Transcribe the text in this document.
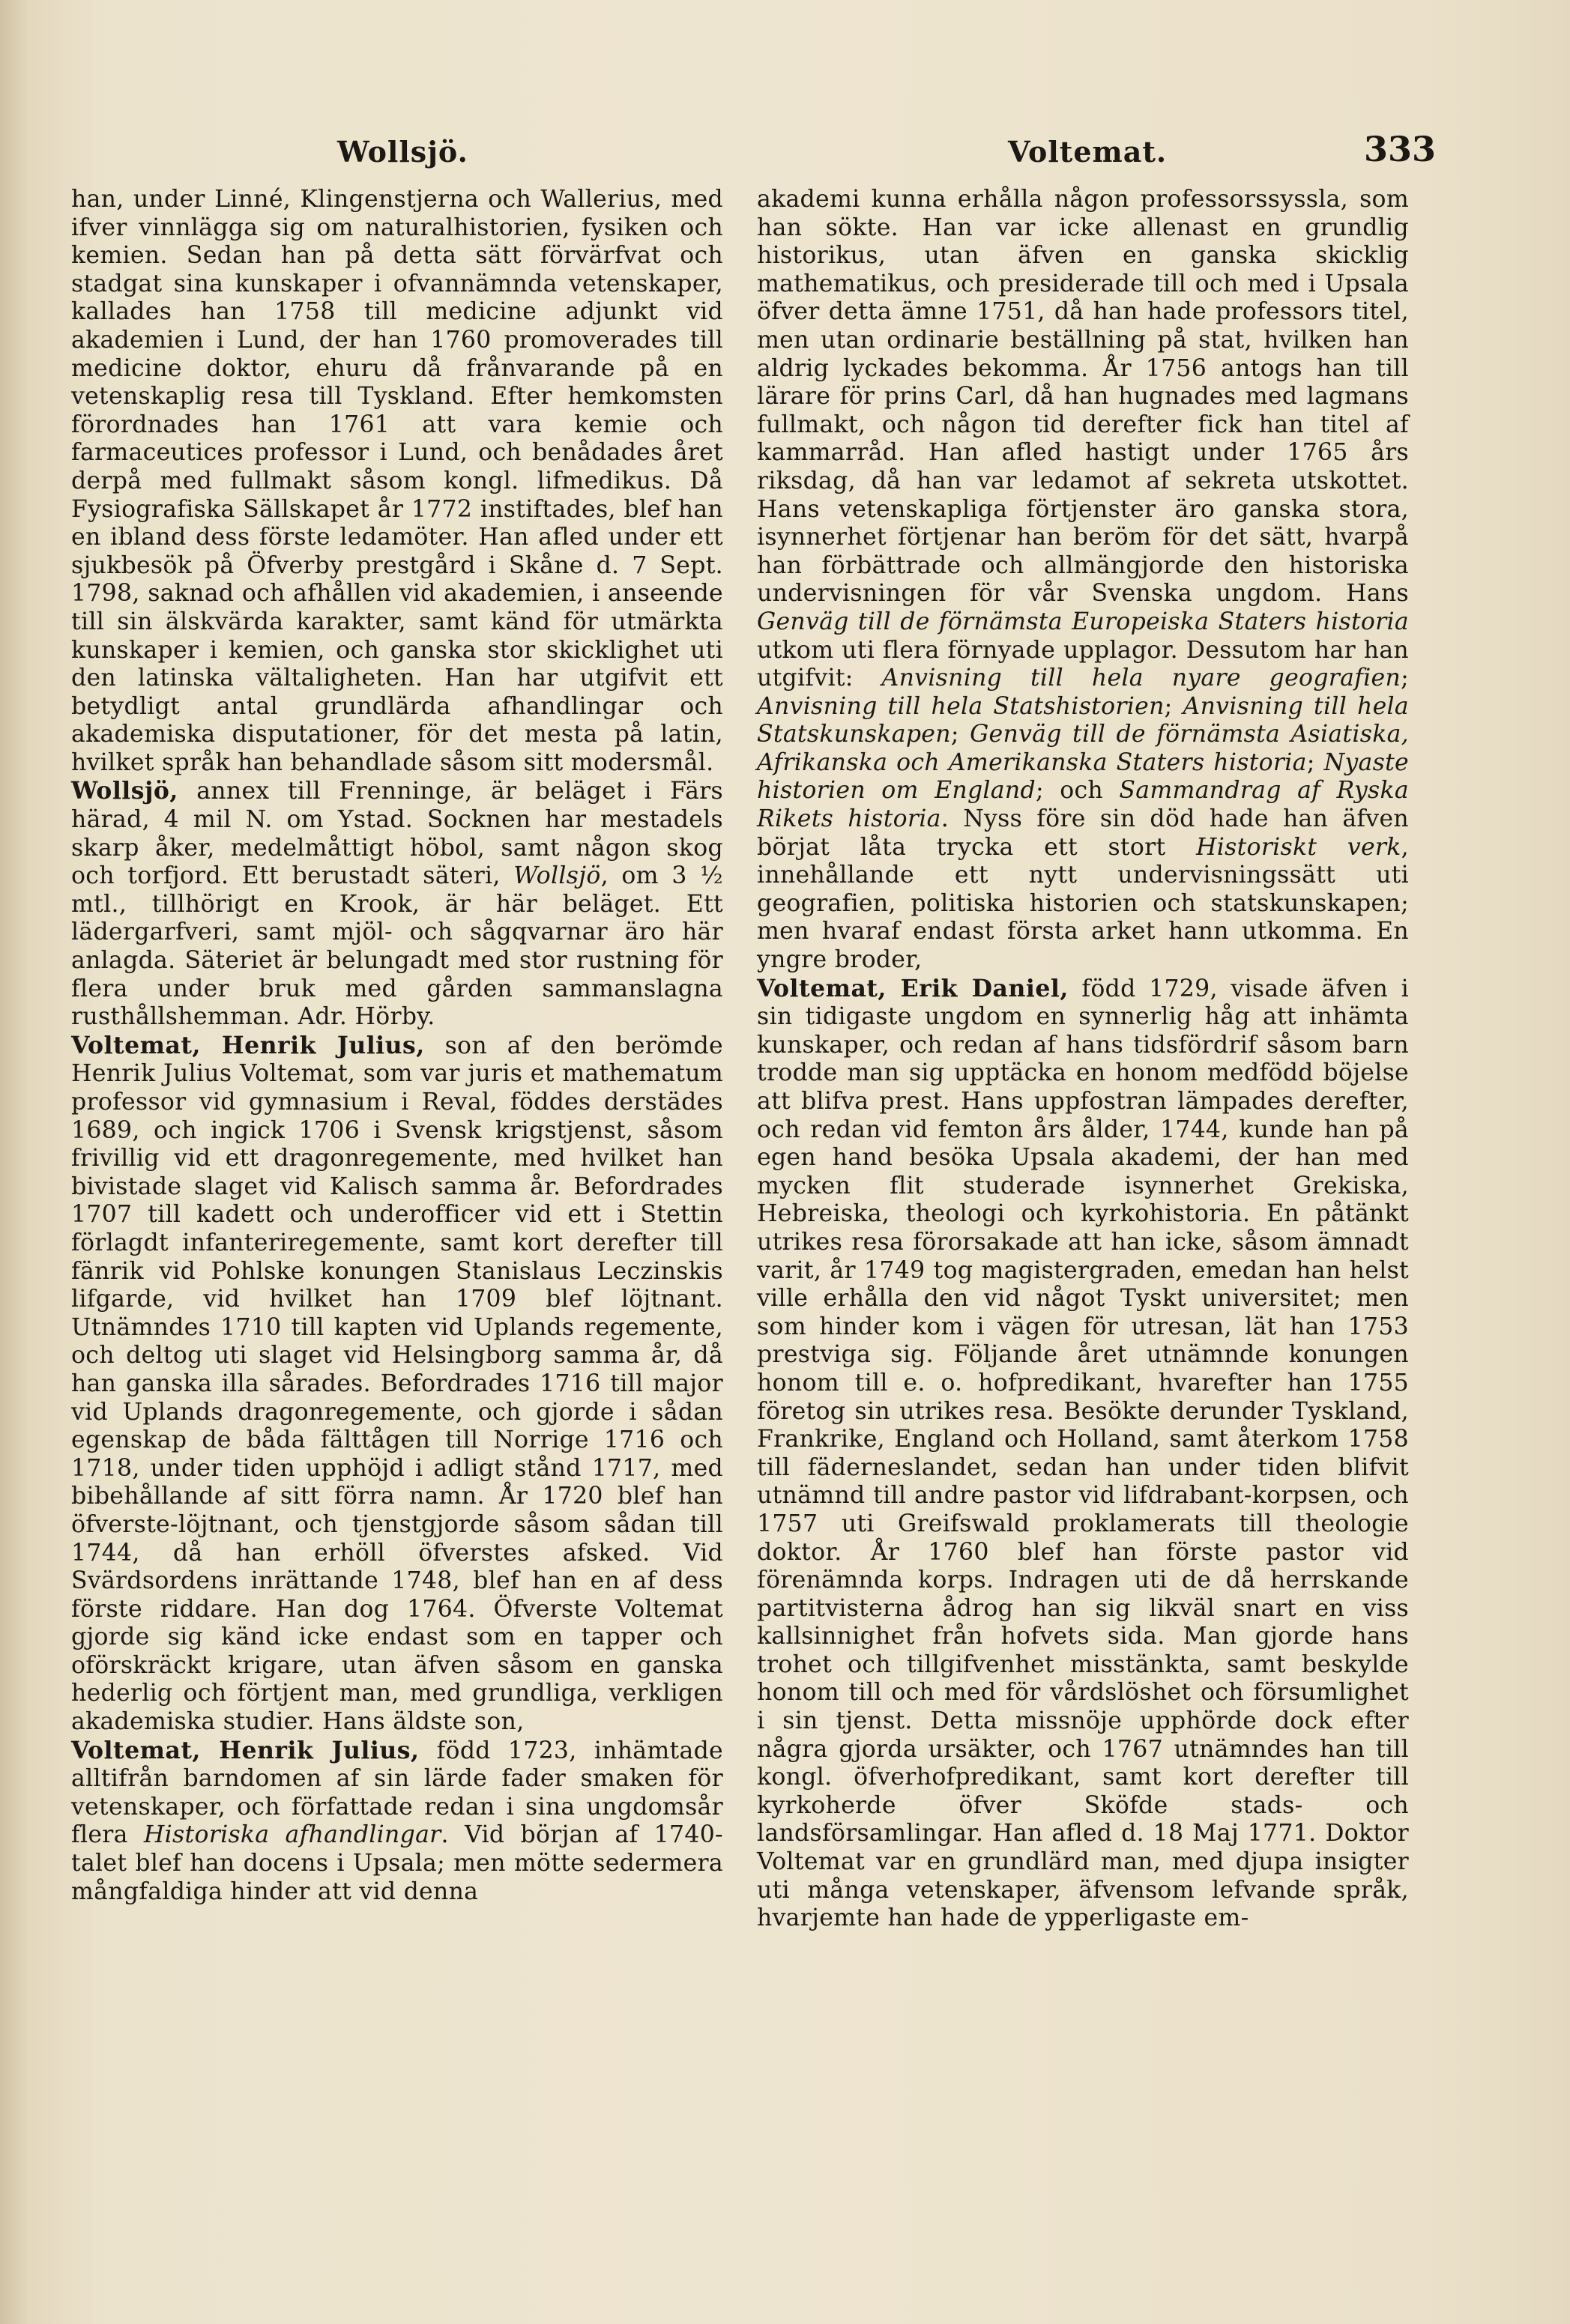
Wollsjö.	Voltemat.	333

han, under Linné, Klingenstjerna och Wallerius, med ifver vinnlägga sig om naturalhistorien, fysiken och kemien. Sedan han på detta sätt förvärfvat och stadgat sina kunskaper i ofvannämnda vetenskaper, kallades han 1758 till medicine adjunkt vid akademien i Lund, der han 1760 promoverades till medicine doktor, ehuru då frånvarande på en vetenskaplig resa till Tyskland. Efter hemkomsten förordnades han 1761 att vara kemie och farmaceutices professor i Lund, och benådades året derpå med fullmakt såsom kongl. lifmedikus. Då Fysiografiska Sällskapet år 1772 instiftades, blef han en ibland dess förste ledamöter. Han afled under ett sjukbesök på Öfverby prestgård i Skåne d. 7 Sept. 1798, saknad och afhållen vid akademien, i anseende till sin älskvärda karakter, samt känd för utmärkta kunskaper i kemien, och ganska stor skicklighet uti den latinska vältaligheten. Han har utgifvit ett betydligt antal grundlärda afhandlingar och akademiska disputationer, för det mesta på latin, hvilket språk han behandlade såsom sitt modersmål.

Wollsjö, annex till Frenninge, är beläget i Färs härad, 4 mil N. om Ystad. Socknen har mestadels skarp åker, medelmåttigt höbol, samt någon skog och torfjord. Ett berustadt säteri, Wollsjö, om 3 ½ mtl., tillhörigt en Krook, är här beläget. Ett lädergarfveri, samt mjöl- och sågqvarnar äro här anlagda. Säteriet är belungadt med stor rustning för flera under bruk med gården sammanslagna rusthållshemman. Adr. Hörby.

Voltemat, Henrik Julius, son af den berömde Henrik Julius Voltemat, som var juris et mathematum professor vid gymnasium i Reval, föddes derstädes 1689, och ingick 1706 i Svensk krigstjenst, såsom frivillig vid ett dragonregemente, med hvilket han bivistade slaget vid Kalisch samma år. Befordrades 1707 till kadett och underofficer vid ett i Stettin förlagdt infanteriregemente, samt kort derefter till fänrik vid Pohlske konungen Stanislaus Leczinskis lifgarde, vid hvilket han 1709 blef löjtnant. Utnämndes 1710 till kapten vid Uplands regemente, och deltog uti slaget vid Helsingborg samma år, då han ganska illa sårades. Befordrades 1716 till major vid Uplands dragonregemente, och gjorde i sådan egenskap de båda fälttågen till Norrige 1716 och 1718, under tiden upphöjd i adligt stånd 1717, med bibehållande af sitt förra namn. År 1720 blef han öfverste-löjtnant, och tjenstgjorde såsom sådan till 1744, då han erhöll öfverstes afsked. Vid Svärdsordens inrättande 1748, blef han en af dess förste riddare. Han dog 1764. Öfverste Voltemat gjorde sig känd icke endast som en tapper och oförskräckt krigare, utan äfven såsom en ganska hederlig och förtjent man, med grundliga, verkligen akademiska studier. Hans äldste son,

Voltemat, Henrik Julius, född 1723, inhämtade alltifrån barndomen af sin lärde fader smaken för vetenskaper, och författade redan i sina ungdomsår flera Historiska afhandlingar. Vid början af 1740-talet blef han docens i Upsala; men mötte sedermera mångfaldiga hinder att vid denna

akademi kunna erhålla någon professorssyssla, som han sökte. Han var icke allenast en grundlig historikus, utan äfven en ganska skicklig mathematikus, och presiderade till och med i Upsala öfver detta ämne 1751, då han hade professors titel, men utan ordinarie beställning på stat, hvilken han aldrig lyckades bekomma. År 1756 antogs han till lärare för prins Carl, då han hugnades med lagmans fullmakt, och någon tid derefter fick han titel af kammarråd. Han afled hastigt under 1765 års riksdag, då han var ledamot af sekreta utskottet. Hans vetenskapliga förtjenster äro ganska stora, isynnerhet förtjenar han beröm för det sätt, hvarpå han förbättrade och allmängjorde den historiska undervisningen för vår Svenska ungdom. Hans Genväg till de förnämsta Europeiska Staters historia utkom uti flera förnyade upplagor. Dessutom har han utgifvit: Anvisning till hela nyare geografien; Anvisning till hela Statshistorien; Anvisning till hela Statskunskapen; Genväg till de förnämsta Asiatiska, Afrikanska och Amerikanska Staters historia; Nyaste historien om England; och Sammandrag af Ryska Rikets historia. Nyss före sin död hade han äfven börjat låta trycka ett stort Historiskt verk, innehållande ett nytt undervisningssätt uti geografien, politiska historien och statskunskapen; men hvaraf endast första arket hann utkomma. En yngre broder,

Voltemat, Erik Daniel, född 1729, visade äfven i sin tidigaste ungdom en synnerlig håg att inhämta kunskaper, och redan af hans tidsfördrif såsom barn trodde man sig upptäcka en honom medfödd böjelse att blifva prest. Hans uppfostran lämpades derefter, och redan vid femton års ålder, 1744, kunde han på egen hand besöka Upsala akademi, der han med mycken flit studerade isynnerhet Grekiska, Hebreiska, theologi och kyrkohistoria. En påtänkt utrikes resa förorsakade att han icke, såsom ämnadt varit, år 1749 tog magistergraden, emedan han helst ville erhålla den vid något Tyskt universitet; men som hinder kom i vägen för utresan, lät han 1753 prestviga sig. Följande året utnämnde konungen honom till e. o. hofpredikant, hvarefter han 1755 företog sin utrikes resa. Besökte derunder Tyskland, Frankrike, England och Holland, samt återkom 1758 till fäderneslandet, sedan han under tiden blifvit utnämnd till andre pastor vid lifdrabant-korpsen, och 1757 uti Greifswald proklamerats till theologie doktor. År 1760 blef han förste pastor vid förenämnda korps. Indragen uti de då herrskande partitvisterna ådrog han sig likväl snart en viss kallsinnighet från hofvets sida. Man gjorde hans trohet och tillgifvenhet misstänkta, samt beskylde honom till och med för vårdslöshet och försumlighet i sin tjenst. Detta missnöje upphörde dock efter några gjorda ursäkter, och 1767 utnämndes han till kongl. öfverhofpredikant, samt kort derefter till kyrkoherde öfver Sköfde stads- och landsförsamlingar. Han afled d. 18 Maj 1771. Doktor Voltemat var en grundlärd man, med djupa insigter uti många vetenskaper, äfvensom lefvande språk, hvarjemte han hade de ypperligaste em-
